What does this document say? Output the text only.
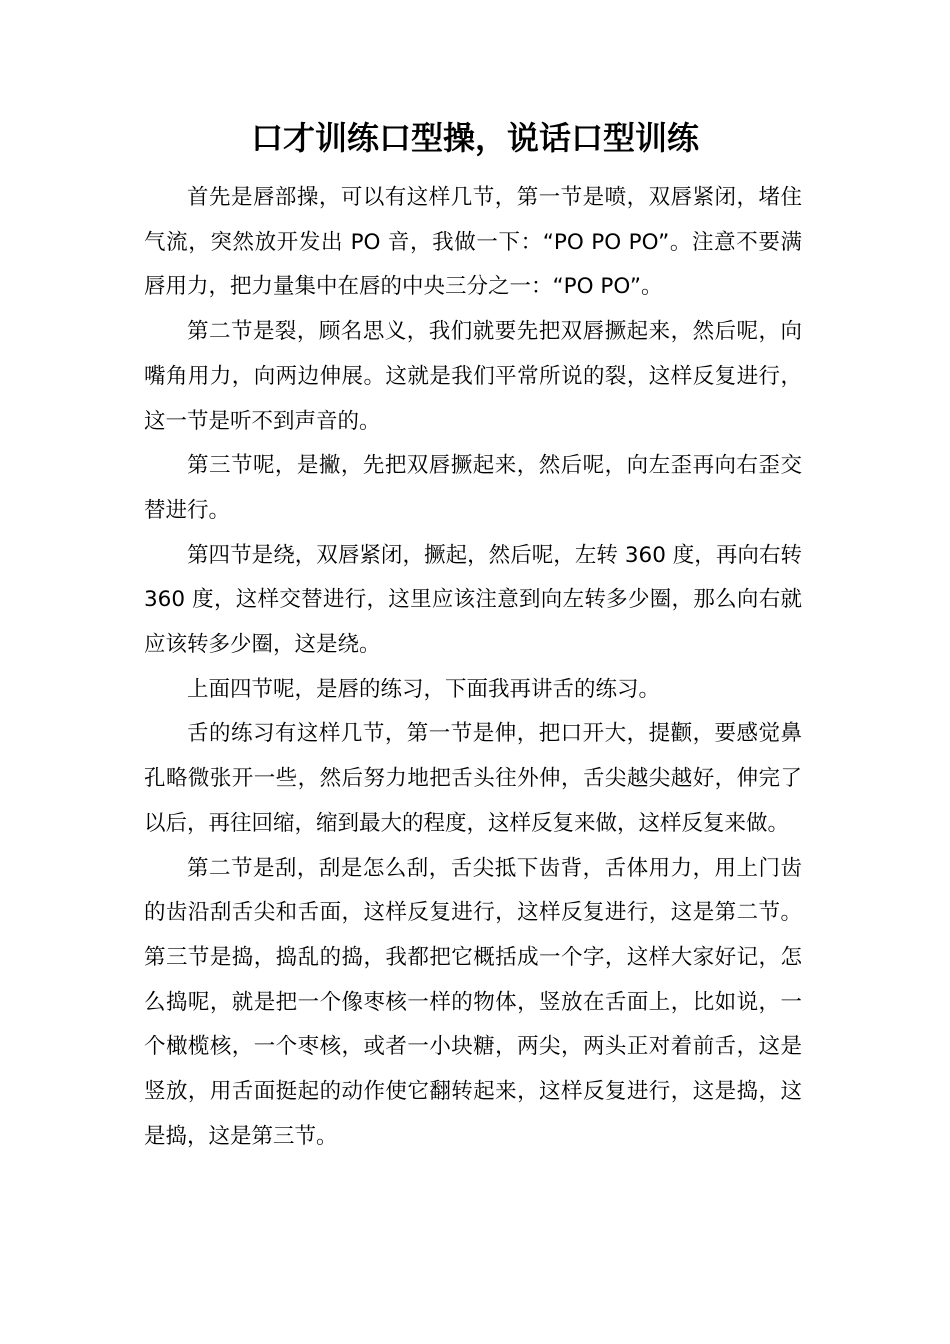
口才训练口型操，说话口型训练

首先是唇部操，可以有这样几节，第一节是喷，双唇紧闭，堵住气流，突然放开发出 PO 音，我做一下：“PO PO PO”。注意不要满唇用力，把力量集中在唇的中央三分之一：“PO PO”。

第二节是裂，顾名思义，我们就要先把双唇撅起来，然后呢，向嘴角用力，向两边伸展。这就是我们平常所说的裂，这样反复进行，这一节是听不到声音的。

第三节呢，是撇，先把双唇撅起来，然后呢，向左歪再向右歪交替进行。

第四节是绕，双唇紧闭，撅起，然后呢，左转 360 度，再向右转 360 度，这样交替进行，这里应该注意到向左转多少圈，那么向右就应该转多少圈，这是绕。

上面四节呢，是唇的练习，下面我再讲舌的练习。

舌的练习有这样几节，第一节是伸，把口开大，提颧，要感觉鼻孔略微张开一些，然后努力地把舌头往外伸，舌尖越尖越好，伸完了以后，再往回缩，缩到最大的程度，这样反复来做，这样反复来做。

第二节是刮，刮是怎么刮，舌尖抵下齿背，舌体用力，用上门齿的齿沿刮舌尖和舌面，这样反复进行，这样反复进行，这是第二节。第三节是捣，捣乱的捣，我都把它概括成一个字，这样大家好记，怎么捣呢，就是把一个像枣核一样的物体，竖放在舌面上，比如说，一个橄榄核，一个枣核，或者一小块糖，两尖，两头正对着前舌，这是竖放，用舌面挺起的动作使它翻转起来，这样反复进行，这是捣，这是捣，这是第三节。
